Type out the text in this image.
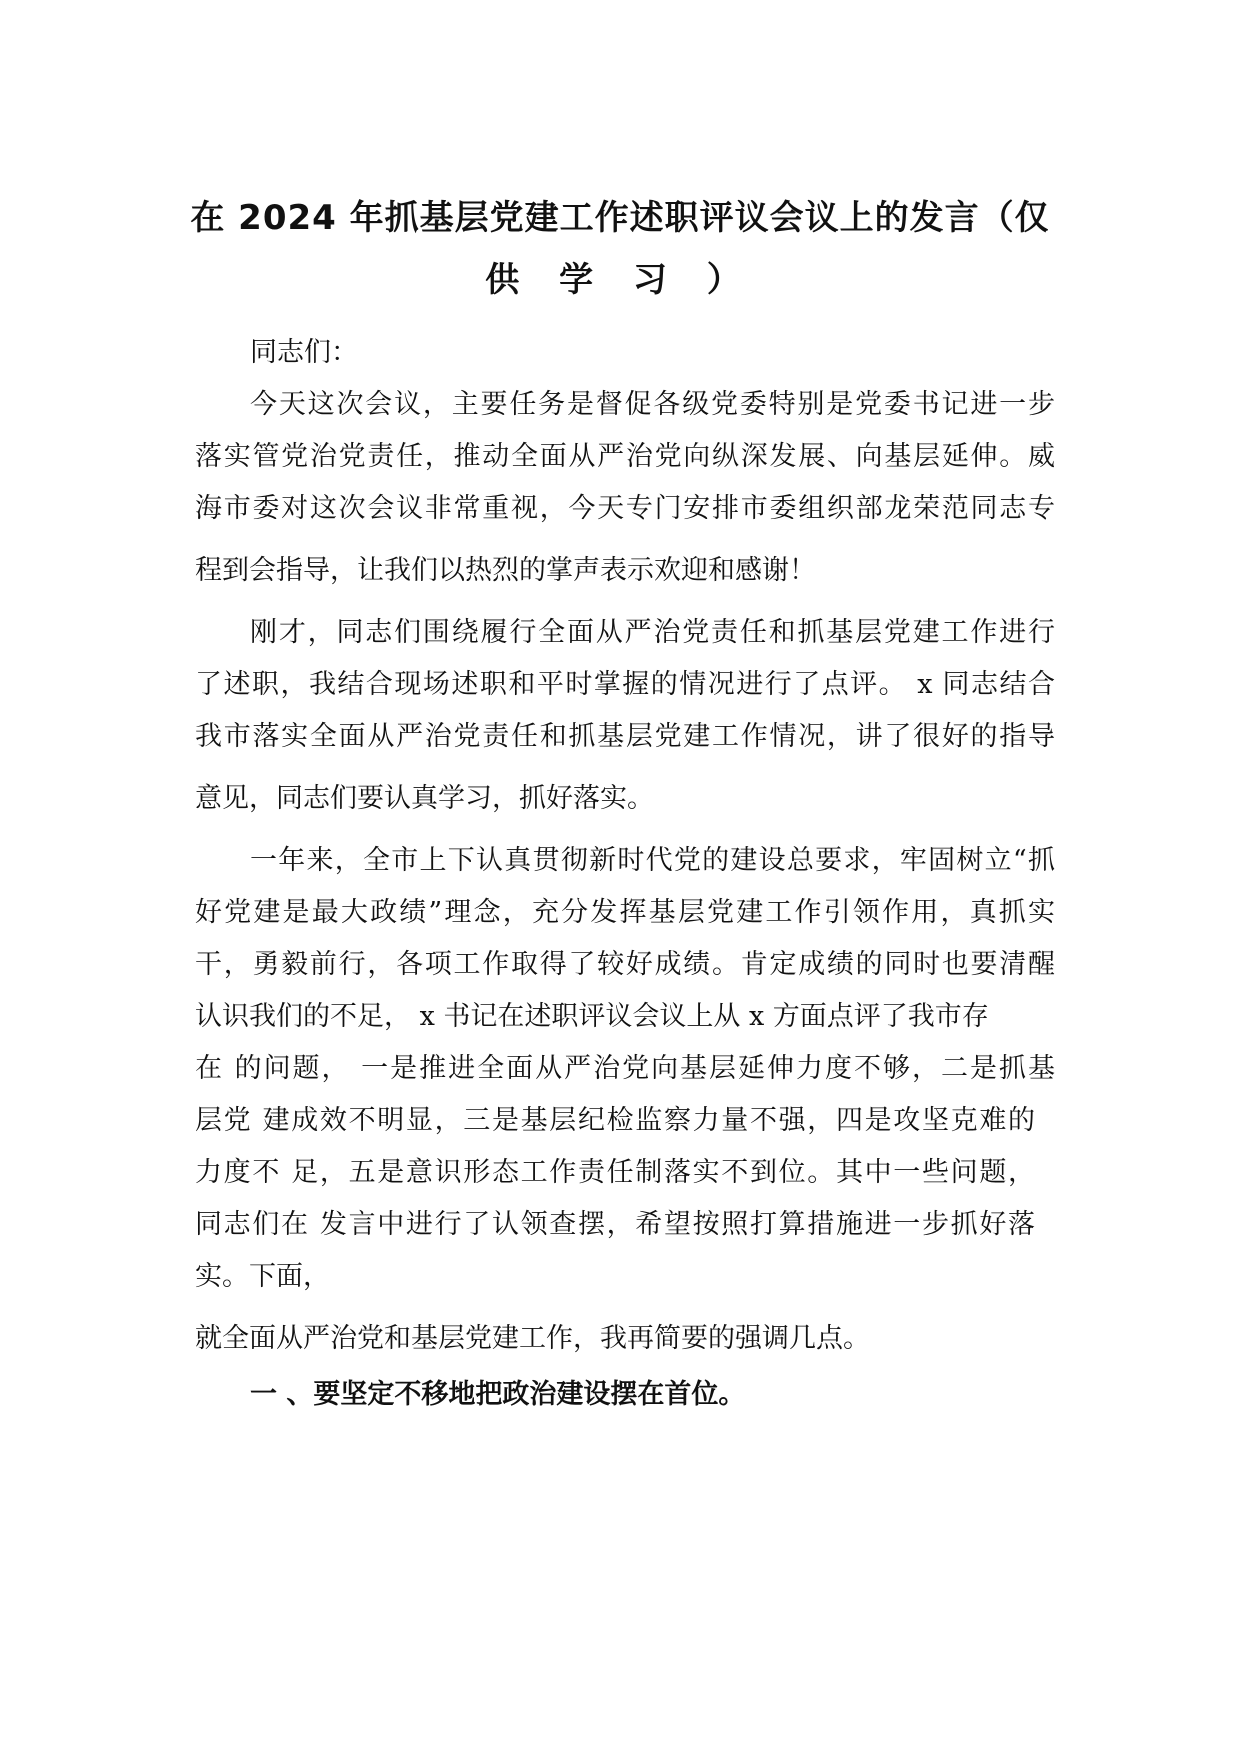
在 2024 年抓基层党建工作述职评议会议上的发言（仅
供 学 习 ）

同志们：

今天这次会议，主要任务是督促各级党委特别是党委书记进一步

落实管党治党责任，推动全面从严治党向纵深发展、向基层延伸。威

海市委对这次会议非常重视，今天专门安排市委组织部龙荣范同志专

程到会指导，让我们以热烈的掌声表示欢迎和感谢！

刚才，同志们围绕履行全面从严治党责任和抓基层党建工作进行

了述职，我结合现场述职和平时掌握的情况进行了点评。 x 同志结合

我市落实全面从严治党责任和抓基层党建工作情况，讲了很好的指导

意见，同志们要认真学习，抓好落实。

一年来，全市上下认真贯彻新时代党的建设总要求，牢固树立“抓

好党建是最大政绩”理念，充分发挥基层党建工作引领作用，真抓实

干，勇毅前行，各项工作取得了较好成绩。肯定成绩的同时也要清醒

认识我们的不足， x 书记在述职评议会议上从 x 方面点评了我市存

在 的问题， 一是推进全面从严治党向基层延伸力度不够，二是抓基

层党 建成效不明显，三是基层纪检监察力量不强，四是攻坚克难的

力度不 足，五是意识形态工作责任制落实不到位。其中一些问题，

同志们在 发言中进行了认领查摆，希望按照打算措施进一步抓好落

实。下面，

就全面从严治党和基层党建工作，我再简要的强调几点。

一 、要坚定不移地把政治建设摆在首位。
